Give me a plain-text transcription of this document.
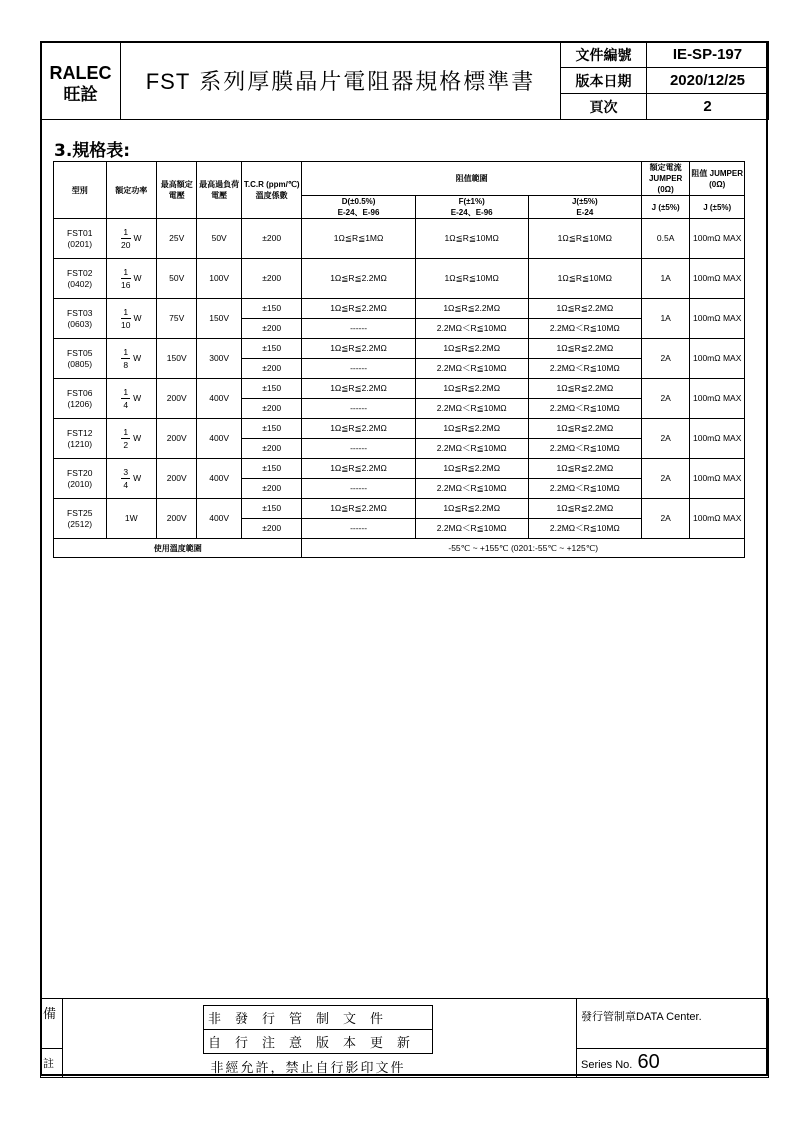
RALEC
旺詮	FST 系列厚膜晶片電阻器規格標準書	文件編號	IE-SP-197
		版本日期	2020/12/25
		頁次	2
3.規格表:
型別	額定功率	最高額定電壓	最高過負荷電壓	T.C.R (ppm/℃) 溫度係數	阻值範圍			額定電流 JUMPER (0Ω)	阻值 JUMPER (0Ω)
					D(±0.5%)
E-24、E-96	F(±1%)
E-24、E-96	J(±5%)
E-24	J (±5%)	J (±5%)
FST01
(0201)	$\frac{1}{20}$ W	25V	50V	±200	1Ω≦R≦1MΩ	1Ω≦R≦10MΩ	1Ω≦R≦10MΩ	0.5A	100mΩ MAX
FST02
(0402)	$\frac{1}{16}$ W	50V	100V	±200	1Ω≦R≦2.2MΩ	1Ω≦R≦10MΩ	1Ω≦R≦10MΩ	1A	100mΩ MAX
FST03
(0603)	$\frac{1}{10}$ W	75V	150V	±150	1Ω≦R≦2.2MΩ	1Ω≦R≦2.2MΩ	1Ω≦R≦2.2MΩ	1A	100mΩ MAX
				±200	------	2.2MΩ＜R≦10MΩ	2.2MΩ＜R≦10MΩ		
FST05
(0805)	$\frac{1}{8}$ W	150V	300V	±150	1Ω≦R≦2.2MΩ	1Ω≦R≦2.2MΩ	1Ω≦R≦2.2MΩ	2A	100mΩ MAX
				±200	------	2.2MΩ＜R≦10MΩ	2.2MΩ＜R≦10MΩ		
FST06
(1206)	$\frac{1}{4}$ W	200V	400V	±150	1Ω≦R≦2.2MΩ	1Ω≦R≦2.2MΩ	1Ω≦R≦2.2MΩ	2A	100mΩ MAX
				±200	------	2.2MΩ＜R≦10MΩ	2.2MΩ＜R≦10MΩ		
FST12
(1210)	$\frac{1}{2}$ W	200V	400V	±150	1Ω≦R≦2.2MΩ	1Ω≦R≦2.2MΩ	1Ω≦R≦2.2MΩ	2A	100mΩ MAX
				±200	------	2.2MΩ＜R≦10MΩ	2.2MΩ＜R≦10MΩ		
FST20
(2010)	$\frac{3}{4}$ W	200V	400V	±150	1Ω≦R≦2.2MΩ	1Ω≦R≦2.2MΩ	1Ω≦R≦2.2MΩ	2A	100mΩ MAX
				±200	------	2.2MΩ＜R≦10MΩ	2.2MΩ＜R≦10MΩ		
FST25
(2512)	1W	200V	400V	±150	1Ω≦R≦2.2MΩ	1Ω≦R≦2.2MΩ	1Ω≦R≦2.2MΩ	2A	100mΩ MAX
				±200	------	2.2MΩ＜R≦10MΩ	2.2MΩ＜R≦10MΩ		
使用溫度範圍					-55℃ ~ +155℃ (0201:-55℃ ~ +125℃)				
備		發行管制章DATA Center.
註		Series No. 60
非發行管制文件
自行注意版本更新
非經允許，禁止自行影印文件
